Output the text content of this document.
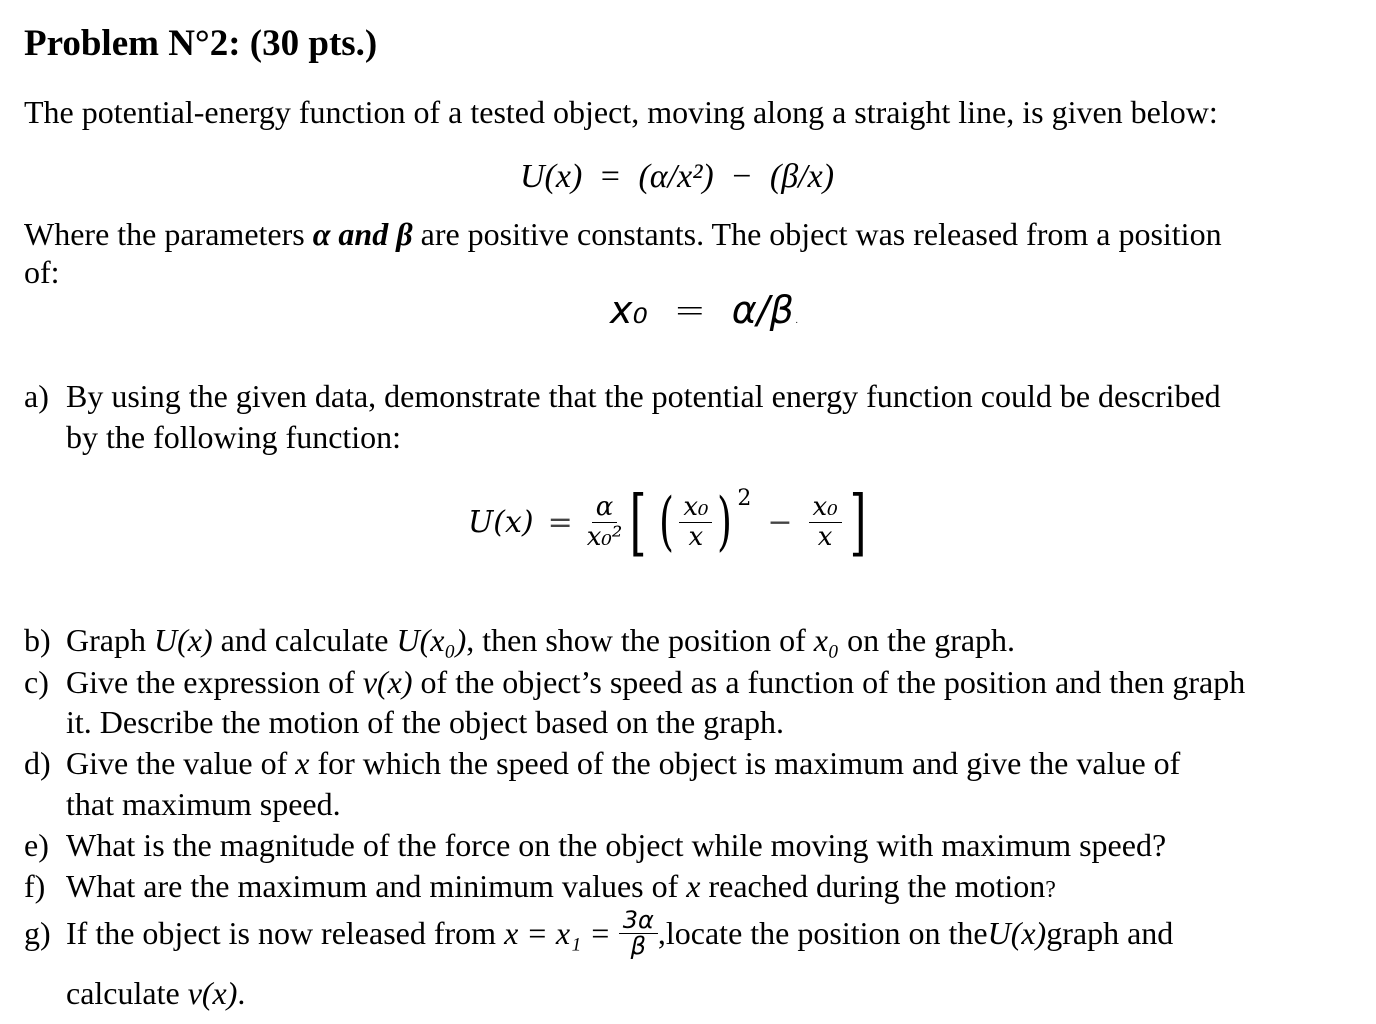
Problem N°2: (30 pts.)
The potential-energy function of a tested object, moving along a straight line, is given below:
U(x) = (α/x²) − (β/x)
Where the parameters α and β are positive constants. The object was released from a position
of:
x₀ = α/β.
a) By using the given data, demonstrate that the potential energy function could be described
by the following function:
$U(x) = \frac{\alpha}{\text{x₀²}}$ [ ( $\frac{\text{x₀}}{x}$ ) 2
− $\frac{\text{x₀}}{x}$ ]
b) Graph U(x) and calculate U(x₀), then show the position of x₀ on the graph.
c) Give the expression of v(x) of the object’s speed as a function of the position and then graph
it. Describe the motion of the object based on the graph.
d) Give the value of x for which the speed of the object is maximum and give the value of
that maximum speed.
e) What is the magnitude of the force on the object while moving with maximum speed?
f) What are the maximum and minimum values of x reached during the motion?
g) If the object is now released from $x = x_1 = \frac{3\alpha}{\beta}$ , locate the position on the U(x) graph and
calculate v(x).
